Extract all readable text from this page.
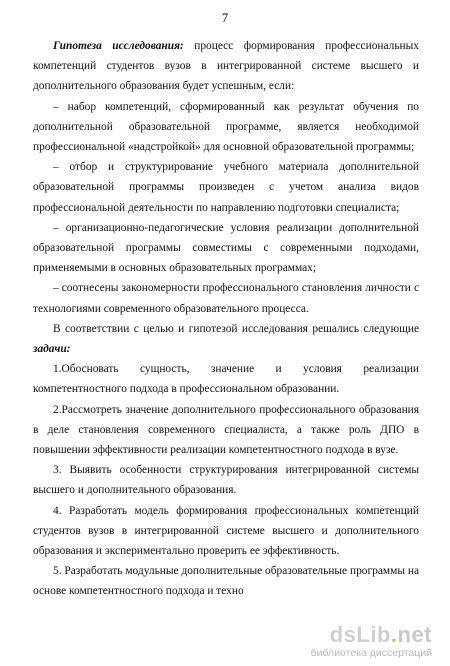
7

Гипотеза исследования: процесс формирования профессиональных компетенций студентов вузов в интегрированной системе высшего и дополнительного образования будет успешным, если:

– набор компетенций, сформированный как результат обучения по дополнительной образовательной программе, является необходимой профессиональной «надстройкой» для основной образовательной программы;

– отбор и структурирование учебного материала дополнительной образовательной программы произведен с учетом анализа видов профессиональной деятельности по направлению подготовки специалиста;

– организационно-педагогические условия реализации дополнительной образовательной программы совместимы с современными подходами, применяемыми в основных образовательных программах;

– соотнесены закономерности профессионального становления личности с технологиями современного образовательного процесса.

В соответствии с целью и гипотезой исследования решались следующие задачи:

1.Обосновать сущность, значение и условия реализации компетентностного подхода в профессиональном образовании.

2.Рассмотреть значение дополнительного профессионального образования в деле становления современного специалиста, а также роль ДПО в повышении эффективности реализации компетентностного подхода в вузе.

3. Выявить особенности структурирования интегрированной системы высшего и дополнительного образования.

4. Разработать модель формирования профессиональных компетенций студентов вузов в интегрированной системе высшего и дополнительного образования и экспериментально проверить ее эффективность.

5. Разработать модульные дополнительные образовательные программы на основе компетентностного подхода и техно

dsLib . net
библиотека диссертаций
